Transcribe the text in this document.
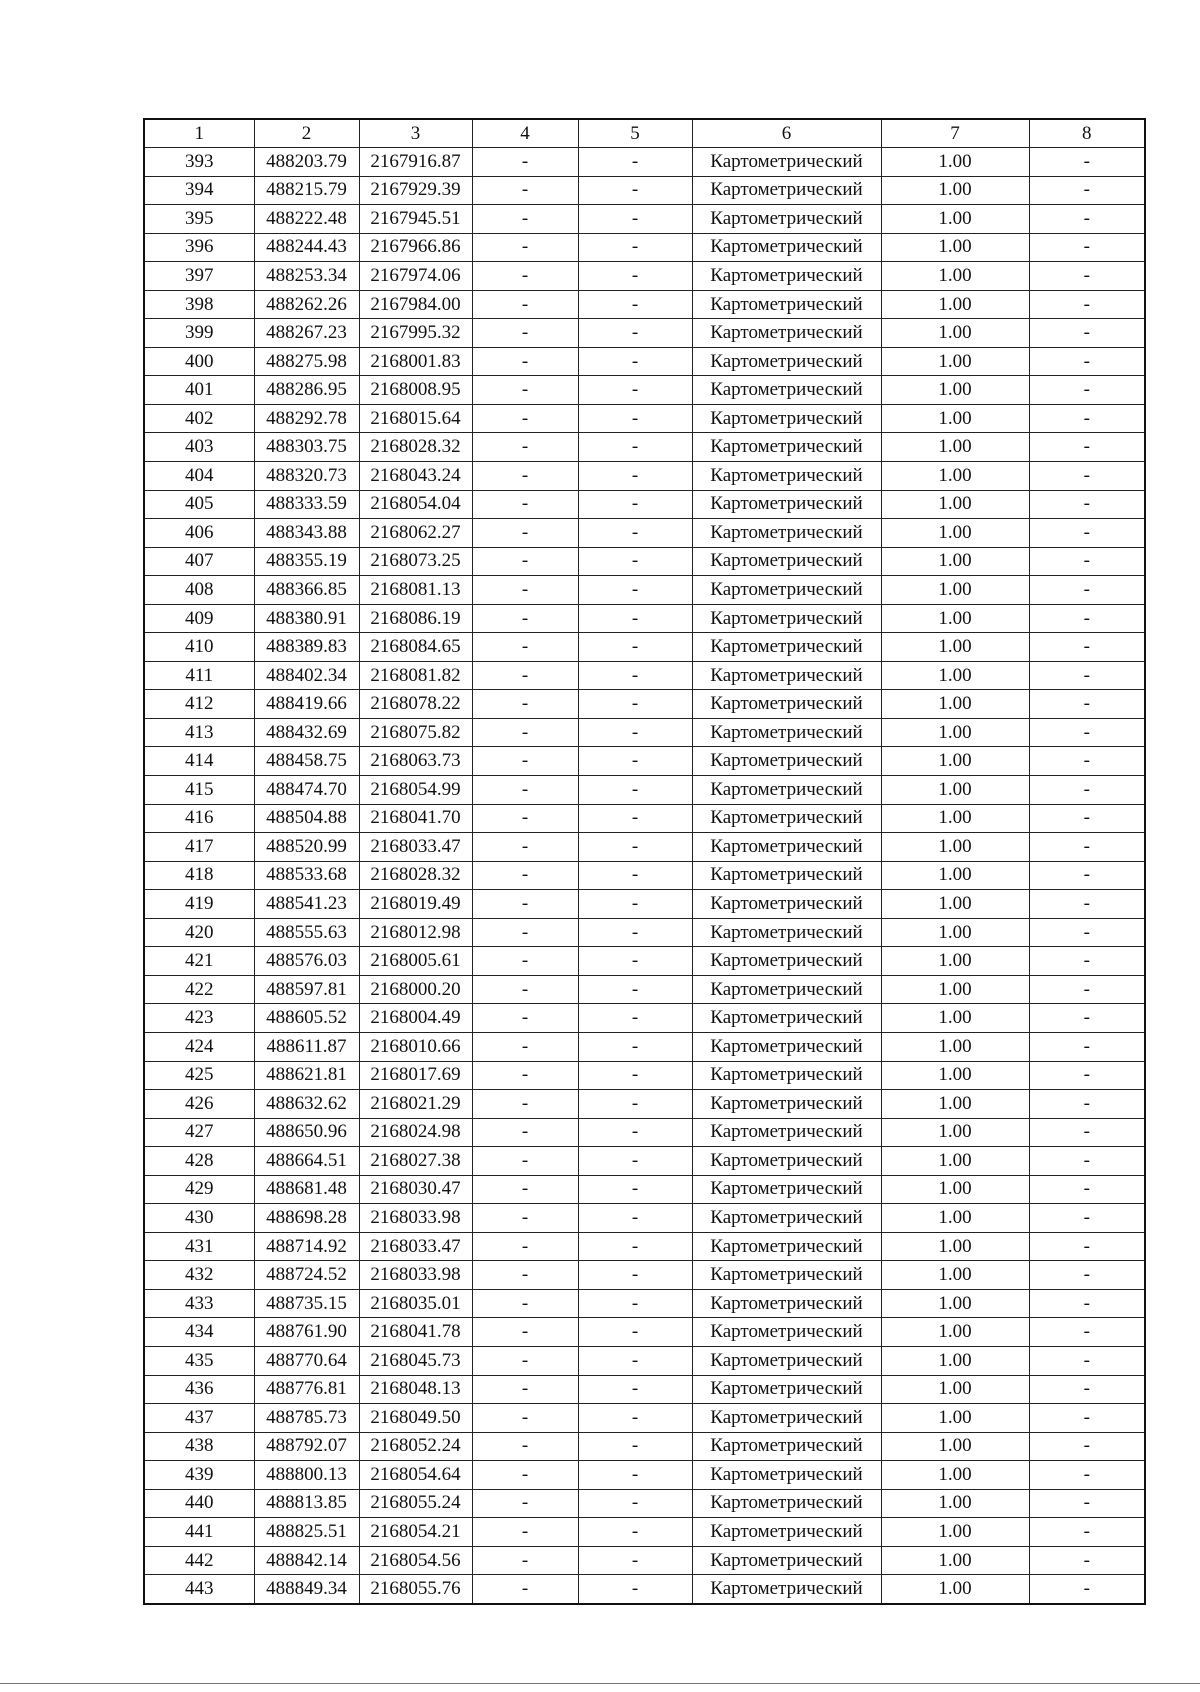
1	2	3	4	5	6	7	8
393	488203.79	2167916.87	-	-	Картометрический	1.00	-
394	488215.79	2167929.39	-	-	Картометрический	1.00	-
395	488222.48	2167945.51	-	-	Картометрический	1.00	-
396	488244.43	2167966.86	-	-	Картометрический	1.00	-
397	488253.34	2167974.06	-	-	Картометрический	1.00	-
398	488262.26	2167984.00	-	-	Картометрический	1.00	-
399	488267.23	2167995.32	-	-	Картометрический	1.00	-
400	488275.98	2168001.83	-	-	Картометрический	1.00	-
401	488286.95	2168008.95	-	-	Картометрический	1.00	-
402	488292.78	2168015.64	-	-	Картометрический	1.00	-
403	488303.75	2168028.32	-	-	Картометрический	1.00	-
404	488320.73	2168043.24	-	-	Картометрический	1.00	-
405	488333.59	2168054.04	-	-	Картометрический	1.00	-
406	488343.88	2168062.27	-	-	Картометрический	1.00	-
407	488355.19	2168073.25	-	-	Картометрический	1.00	-
408	488366.85	2168081.13	-	-	Картометрический	1.00	-
409	488380.91	2168086.19	-	-	Картометрический	1.00	-
410	488389.83	2168084.65	-	-	Картометрический	1.00	-
411	488402.34	2168081.82	-	-	Картометрический	1.00	-
412	488419.66	2168078.22	-	-	Картометрический	1.00	-
413	488432.69	2168075.82	-	-	Картометрический	1.00	-
414	488458.75	2168063.73	-	-	Картометрический	1.00	-
415	488474.70	2168054.99	-	-	Картометрический	1.00	-
416	488504.88	2168041.70	-	-	Картометрический	1.00	-
417	488520.99	2168033.47	-	-	Картометрический	1.00	-
418	488533.68	2168028.32	-	-	Картометрический	1.00	-
419	488541.23	2168019.49	-	-	Картометрический	1.00	-
420	488555.63	2168012.98	-	-	Картометрический	1.00	-
421	488576.03	2168005.61	-	-	Картометрический	1.00	-
422	488597.81	2168000.20	-	-	Картометрический	1.00	-
423	488605.52	2168004.49	-	-	Картометрический	1.00	-
424	488611.87	2168010.66	-	-	Картометрический	1.00	-
425	488621.81	2168017.69	-	-	Картометрический	1.00	-
426	488632.62	2168021.29	-	-	Картометрический	1.00	-
427	488650.96	2168024.98	-	-	Картометрический	1.00	-
428	488664.51	2168027.38	-	-	Картометрический	1.00	-
429	488681.48	2168030.47	-	-	Картометрический	1.00	-
430	488698.28	2168033.98	-	-	Картометрический	1.00	-
431	488714.92	2168033.47	-	-	Картометрический	1.00	-
432	488724.52	2168033.98	-	-	Картометрический	1.00	-
433	488735.15	2168035.01	-	-	Картометрический	1.00	-
434	488761.90	2168041.78	-	-	Картометрический	1.00	-
435	488770.64	2168045.73	-	-	Картометрический	1.00	-
436	488776.81	2168048.13	-	-	Картометрический	1.00	-
437	488785.73	2168049.50	-	-	Картометрический	1.00	-
438	488792.07	2168052.24	-	-	Картометрический	1.00	-
439	488800.13	2168054.64	-	-	Картометрический	1.00	-
440	488813.85	2168055.24	-	-	Картометрический	1.00	-
441	488825.51	2168054.21	-	-	Картометрический	1.00	-
442	488842.14	2168054.56	-	-	Картометрический	1.00	-
443	488849.34	2168055.76	-	-	Картометрический	1.00	-
